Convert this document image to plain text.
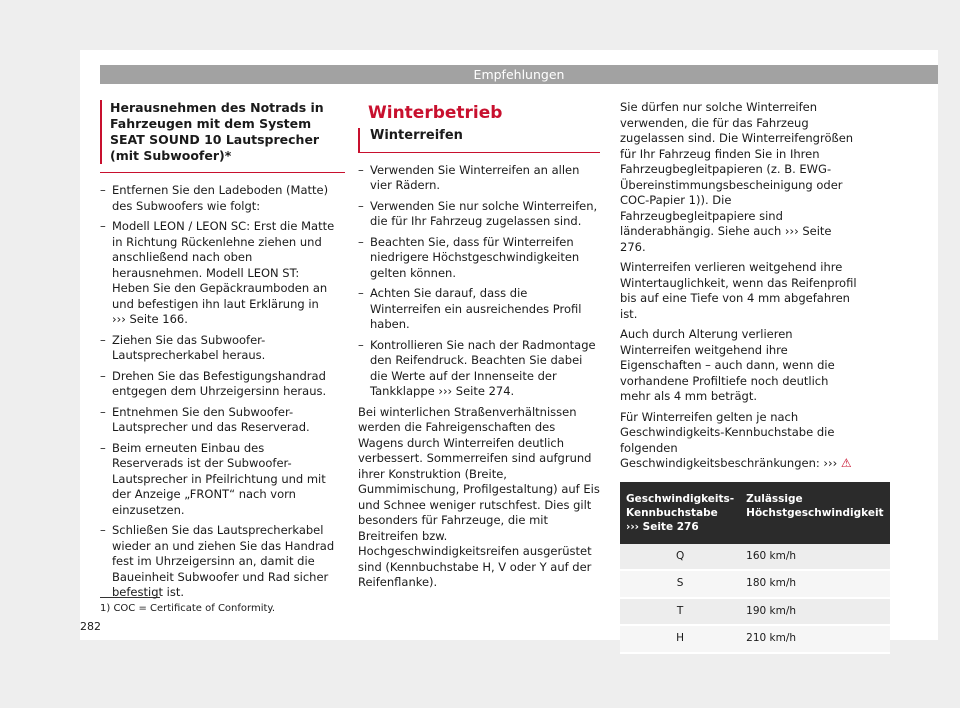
Empfehlungen
Herausnehmen des Notrads in Fahrzeugen mit dem System SEAT SOUND 10 Lautsprecher (mit Subwoofer)*
– Entfernen Sie den Ladeboden (Matte) des Subwoofers wie folgt:
– Modell LEON / LEON SC: Erst die Matte in Richtung Rückenlehne ziehen und anschließend nach oben herausnehmen. Modell LEON ST: Heben Sie den Gepäckraumboden an und befestigen ihn laut Erklärung in ››› Seite 166.
– Ziehen Sie das Subwoofer-Lautsprecherkabel heraus.
– Drehen Sie das Befestigungshandrad entgegen dem Uhrzeigersinn heraus.
– Entnehmen Sie den Subwoofer-Lautsprecher und das Reserverad.
– Beim erneuten Einbau des Reserverads ist der Subwoofer-Lautsprecher in Pfeilrichtung und mit der Anzeige „FRONT“ nach vorn einzusetzen.
– Schließen Sie das Lautsprecherkabel wieder an und ziehen Sie das Handrad fest im Uhrzeigersinn an, damit die Baueinheit Subwoofer und Rad sicher befestigt ist.
Winterbetrieb
Winterreifen
– Verwenden Sie Winterreifen an allen vier Rädern.
– Verwenden Sie nur solche Winterreifen, die für Ihr Fahrzeug zugelassen sind.
– Beachten Sie, dass für Winterreifen niedrigere Höchstgeschwindigkeiten gelten können.
– Achten Sie darauf, dass die Winterreifen ein ausreichendes Profil haben.
– Kontrollieren Sie nach der Radmontage den Reifendruck. Beachten Sie dabei die Werte auf der Innenseite der Tankklappe ››› Seite 274.

Bei winterlichen Straßenverhältnissen werden die Fahreigenschaften des Wagens durch Winterreifen deutlich verbessert. Sommerreifen sind aufgrund ihrer Konstruktion (Breite, Gummimischung, Profilgestaltung) auf Eis und Schnee weniger rutschfest. Dies gilt besonders für Fahrzeuge, die mit Breitreifen bzw. Hochgeschwindigkeitsreifen ausgerüstet sind (Kennbuchstabe H, V oder Y auf der Reifenflanke).

Sie dürfen nur solche Winterreifen verwenden, die für das Fahrzeug zugelassen sind. Die Winterreifengrößen für Ihr Fahrzeug finden Sie in Ihren Fahrzeugbegleitpapieren (z. B. EWG-Übereinstimmungsbescheinigung oder COC-Papier 1)). Die Fahrzeugbegleitpapiere sind länderabhängig. Siehe auch ››› Seite 276.

Winterreifen verlieren weitgehend ihre Wintertauglichkeit, wenn das Reifenprofil bis auf eine Tiefe von 4 mm abgefahren ist.

Auch durch Alterung verlieren Winterreifen weitgehend ihre Eigenschaften – auch dann, wenn die vorhandene Profiltiefe noch deutlich mehr als 4 mm beträgt.

Für Winterreifen gelten je nach Geschwindigkeits-Kennbuchstabe die folgenden Geschwindigkeitsbeschränkungen: ››› ⚠

Geschwindigkeits-Kennbuchstabe ››› Seite 276	Zulässige Höchstgeschwindigkeit
Q	160 km/h
S	180 km/h
T	190 km/h
H	210 km/h
1) COC = Certificate of Conformity.
282
